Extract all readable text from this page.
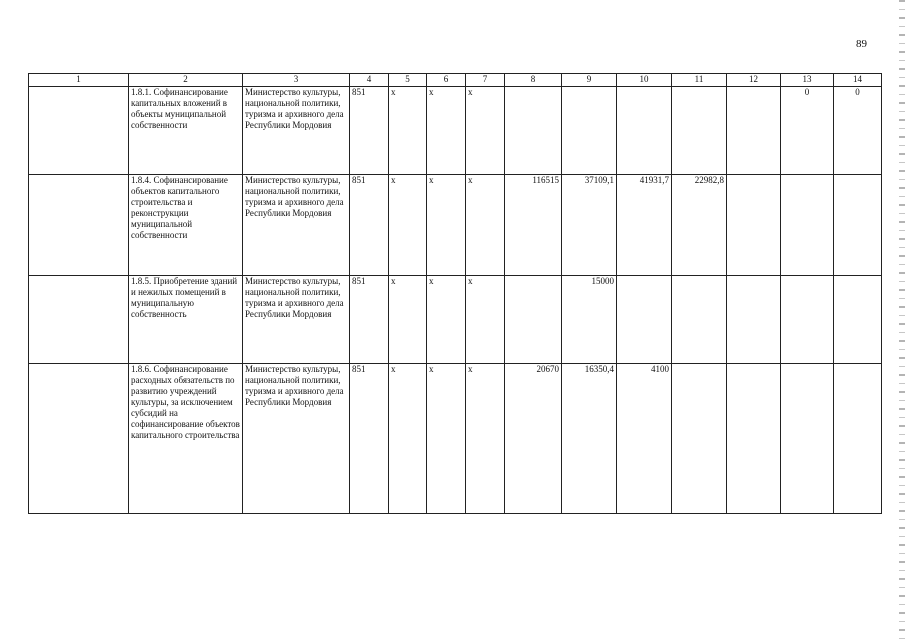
89
1	2	3	4	5	6	7	8	9	10	11	12	13	14
	1.8.1. Софинансирование капитальных вложений в объекты муниципальной собственности	Министерство культуры, национальной политики, туризма и архивного дела Республики Мордовия	851	х	х	х						0	0
	1.8.4. Софинансирование объектов капитального строительства и реконструкции муниципальной собственности	Министерство культуры, национальной политики, туризма и архивного дела Республики Мордовия	851	х	х	х	116515	37109,1	41931,7	22982,8			
	1.8.5. Приобретение зданий и нежилых помещений в муниципальную собственность	Министерство культуры, национальной политики, туризма и архивного дела Республики Мордовия	851	х	х	х		15000					
	1.8.6. Софинансирование расходных обязательств по развитию учреждений культуры, за исключением субсидий на софинансирование объектов капитального строительства	Министерство культуры, национальной политики, туризма и архивного дела Республики Мордовия	851	х	х	х	20670	16350,4	4100				
